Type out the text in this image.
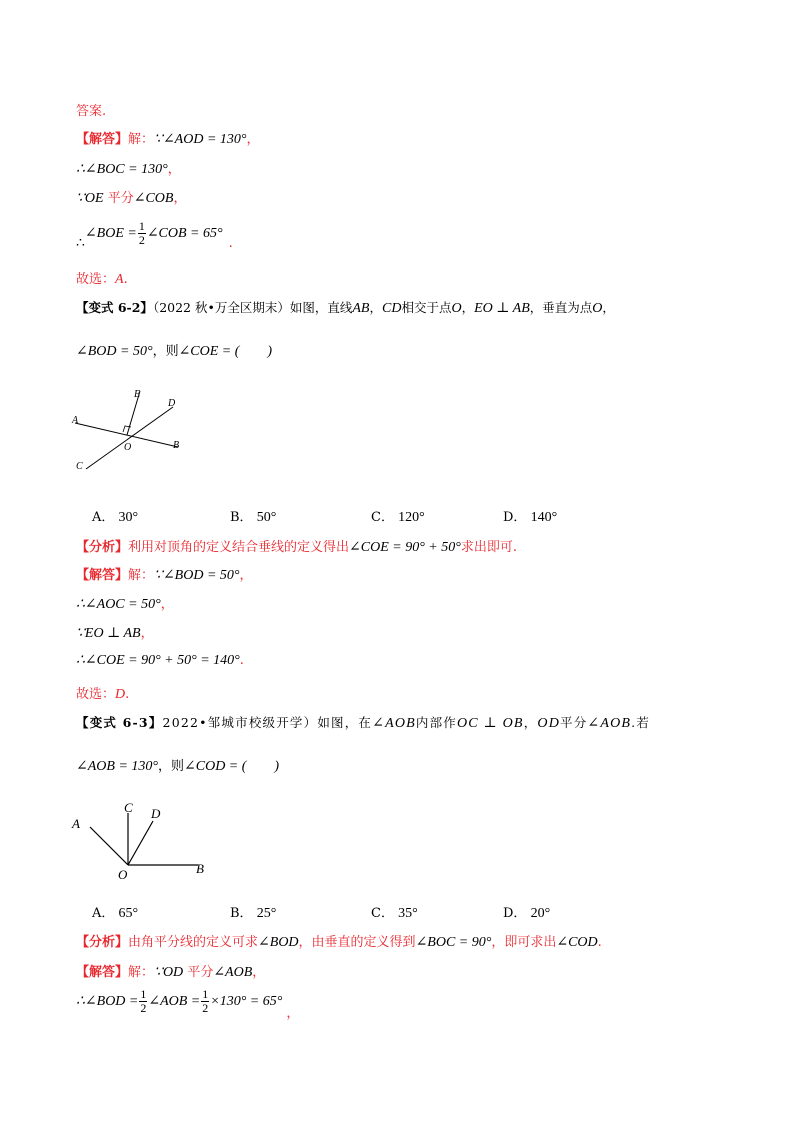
答案.
【解答】解：∵∠AOD = 130°，
∴∠BOC = 130°，
∵OE 平分∠COB，
∴∠BOE = $\frac{1}{2}$ ∠COB = 65°.
故选：A.
【变式 6-2】（2022 秋•万全区期末）如图，直线AB，CD相交于点O，EO ⊥ AB，垂直为点O，
∠BOD = 50°，则∠COE = (　　)
E
D
A
O	B
C
A． 30°	B． 50°	C． 120°	D． 140°
【分析】利用对顶角的定义结合垂线的定义得出∠COE = 90° + 50°求出即可.
【解答】解：∵∠BOD = 50°，
∴∠AOC = 50°，
∵EO ⊥ AB，
∴∠COE = 90° + 50° = 140°.
故选：D.
【变式 6-3】2022•邹城市校级开学）如图，在∠AOB内部作OC ⊥ OB，OD平分∠AOB.若
∠AOB = 130°，则∠COD = (　　)
A
C D
O	B
A． 65°	B． 25°	C． 35°	D． 20°
【分析】由角平分线的定义可求∠BOD，由垂直的定义得到∠BOC = 90°，即可求出∠COD.
【解答】解：∵OD 平分∠AOB，
∴∠BOD = $\frac{1}{2}$ ∠AOB = $\frac{1}{2} \times 130^\circ = 65^\circ$，
